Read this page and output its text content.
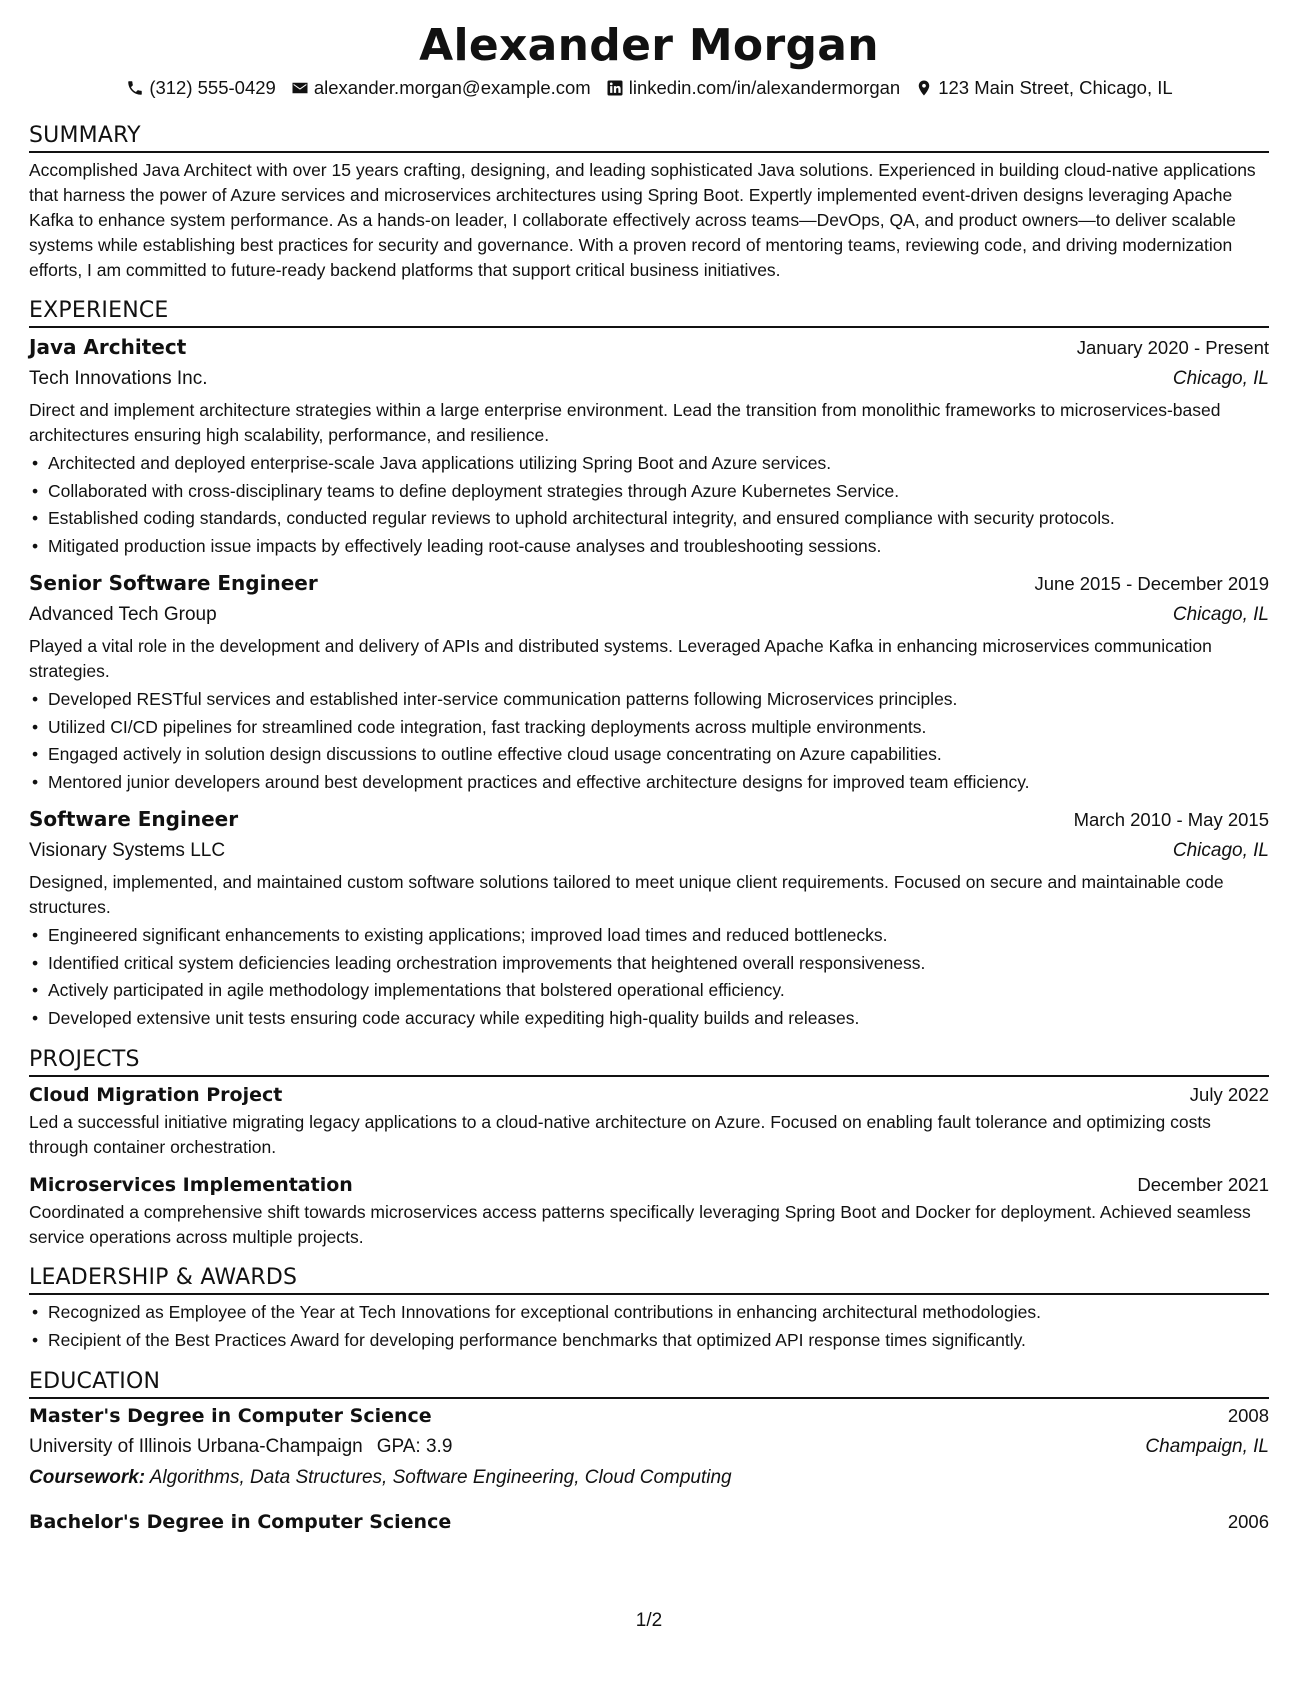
Alexander Morgan
(312) 555-0429 alexander.morgan@example.com linkedin.com/in/alexandermorgan 123 Main Street, Chicago, IL
SUMMARY
Accomplished Java Architect with over 15 years crafting, designing, and leading sophisticated Java solutions. Experienced in building cloud-native applications that harness the power of Azure services and microservices architectures using Spring Boot. Expertly implemented event-driven designs leveraging Apache Kafka to enhance system performance. As a hands-on leader, I collaborate effectively across teams—DevOps, QA, and product owners—to deliver scalable systems while establishing best practices for security and governance. With a proven record of mentoring teams, reviewing code, and driving modernization efforts, I am committed to future-ready backend platforms that support critical business initiatives.
EXPERIENCE
Java Architect	January 2020 - Present
Tech Innovations Inc.	Chicago, IL
Direct and implement architecture strategies within a large enterprise environment. Lead the transition from monolithic frameworks to microservices-based architectures ensuring high scalability, performance, and resilience.
• Architected and deployed enterprise-scale Java applications utilizing Spring Boot and Azure services.
• Collaborated with cross-disciplinary teams to define deployment strategies through Azure Kubernetes Service.
• Established coding standards, conducted regular reviews to uphold architectural integrity, and ensured compliance with security protocols.
• Mitigated production issue impacts by effectively leading root-cause analyses and troubleshooting sessions.
Senior Software Engineer	June 2015 - December 2019
Advanced Tech Group	Chicago, IL
Played a vital role in the development and delivery of APIs and distributed systems. Leveraged Apache Kafka in enhancing microservices communication strategies.
• Developed RESTful services and established inter-service communication patterns following Microservices principles.
• Utilized CI/CD pipelines for streamlined code integration, fast tracking deployments across multiple environments.
• Engaged actively in solution design discussions to outline effective cloud usage concentrating on Azure capabilities.
• Mentored junior developers around best development practices and effective architecture designs for improved team efficiency.
Software Engineer	March 2010 - May 2015
Visionary Systems LLC	Chicago, IL
Designed, implemented, and maintained custom software solutions tailored to meet unique client requirements. Focused on secure and maintainable code structures.
• Engineered significant enhancements to existing applications; improved load times and reduced bottlenecks.
• Identified critical system deficiencies leading orchestration improvements that heightened overall responsiveness.
• Actively participated in agile methodology implementations that bolstered operational efficiency.
• Developed extensive unit tests ensuring code accuracy while expediting high-quality builds and releases.
PROJECTS
Cloud Migration Project	July 2022
Led a successful initiative migrating legacy applications to a cloud-native architecture on Azure. Focused on enabling fault tolerance and optimizing costs through container orchestration.
Microservices Implementation	December 2021
Coordinated a comprehensive shift towards microservices access patterns specifically leveraging Spring Boot and Docker for deployment. Achieved seamless service operations across multiple projects.
LEADERSHIP & AWARDS
• Recognized as Employee of the Year at Tech Innovations for exceptional contributions in enhancing architectural methodologies.
• Recipient of the Best Practices Award for developing performance benchmarks that optimized API response times significantly.
EDUCATION
Master's Degree in Computer Science	2008
University of Illinois Urbana-Champaign GPA: 3.9	Champaign, IL
Coursework: Algorithms, Data Structures, Software Engineering, Cloud Computing
Bachelor's Degree in Computer Science	2006
1/2
